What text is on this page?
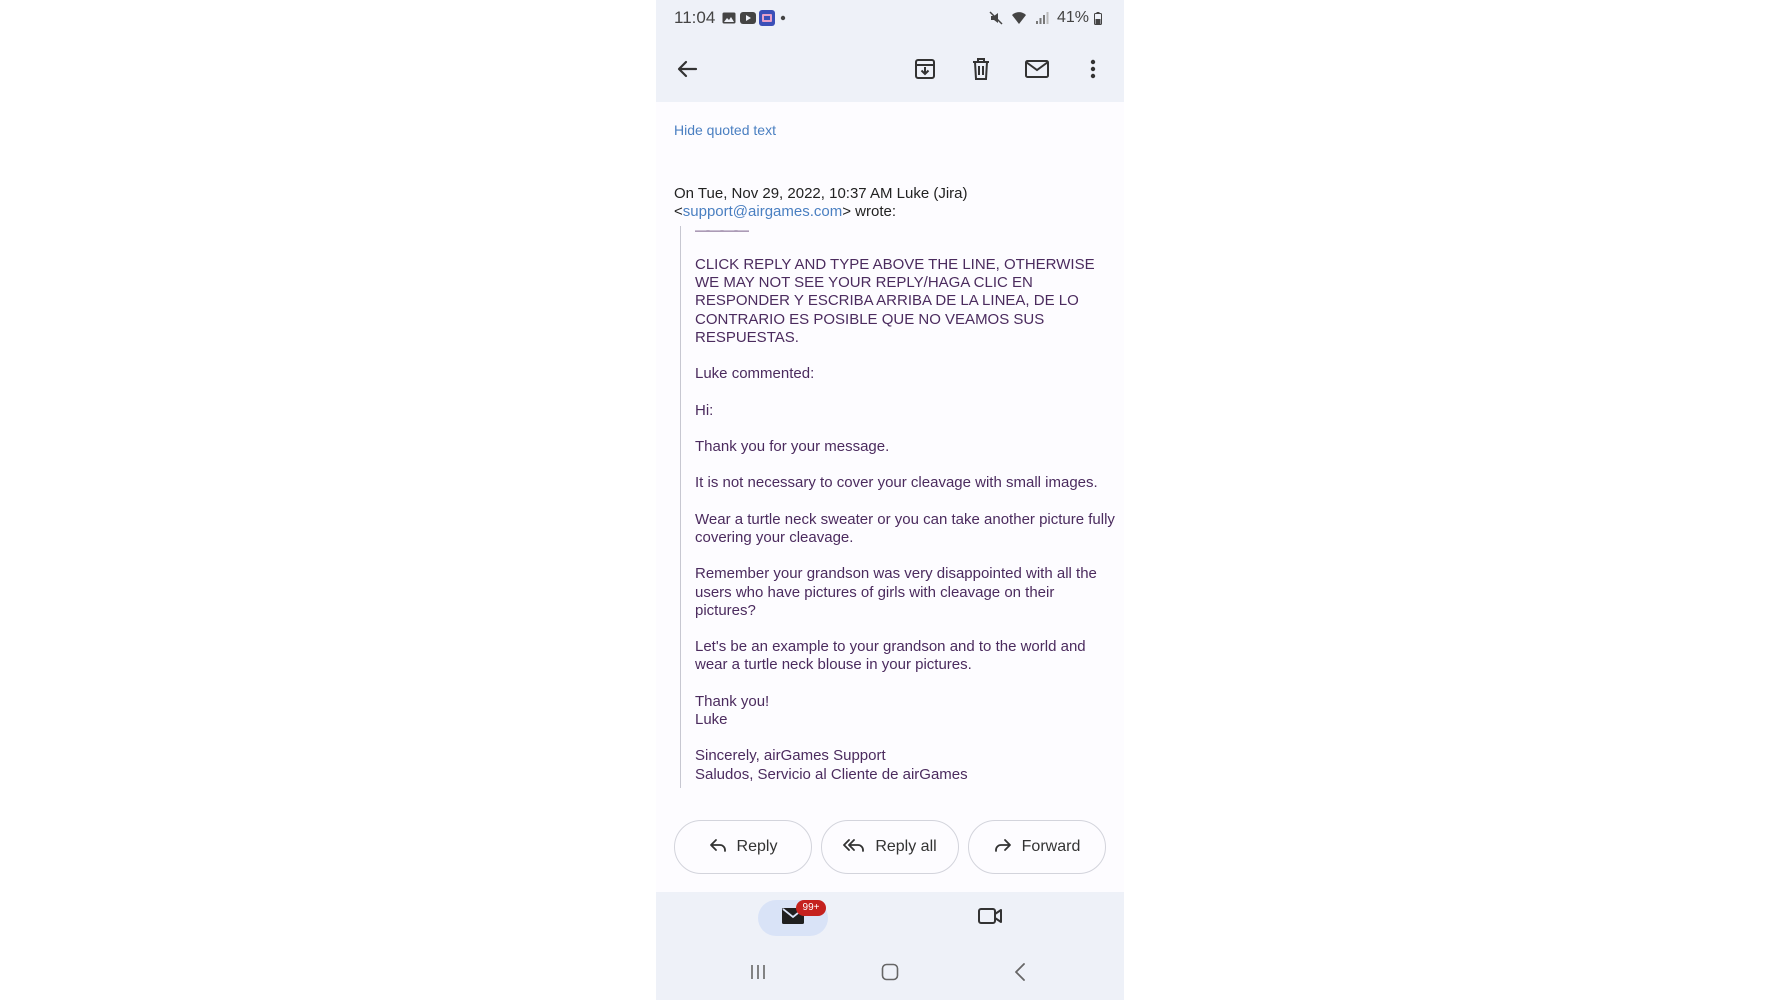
11:04	41%
Hide quoted text
On Tue, Nov 29, 2022, 10:37 AM Luke (Jira)
<support@airgames.com> wrote:
—-—-—-—

CLICK REPLY AND TYPE ABOVE THE LINE, OTHERWISE WE MAY NOT SEE YOUR REPLY/HAGA CLIC EN RESPONDER Y ESCRIBA ARRIBA DE LA LINEA, DE LO CONTRARIO ES POSIBLE QUE NO VEAMOS SUS RESPUESTAS.

Luke commented:

Hi:

Thank you for your message.

It is not necessary to cover your cleavage with small images.

Wear a turtle neck sweater or you can take another picture fully covering your cleavage.

Remember your grandson was very disappointed with all the users who have pictures of girls with cleavage on their pictures?

Let's be an example to your grandson and to the world and wear a turtle neck blouse in your pictures.

Thank you!
Luke

Sincerely, airGames Support
Saludos, Servicio al Cliente de airGames

Reply	Reply all	Forward
99+
